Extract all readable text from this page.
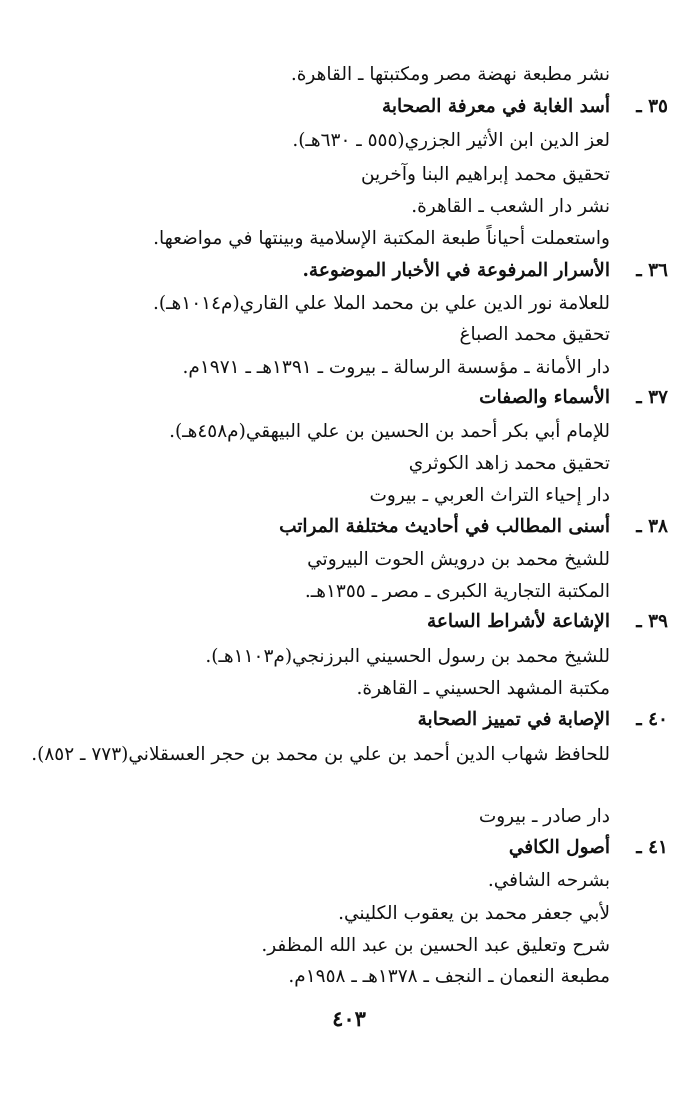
نشر مطبعة نهضة مصر ومكتبتها ـ القاهرة.
٣٥ ـأسد الغابة في معرفة الصحابة
لعز الدين ابن الأثير الجزري(٥٥٥ ـ ٦٣٠هـ).
تحقيق محمد إبراهيم البنا وآخرين
نشر دار الشعب ـ القاهرة.
واستعملت أحياناً طبعة المكتبة الإسلامية وبينتها في مواضعها.
٣٦ ـالأسرار المرفوعة في الأخبار الموضوعة.
للعلامة نور الدين علي بن محمد الملا علي القاري(م١٠١٤هـ).
تحقيق محمد الصباغ
دار الأمانة ـ مؤسسة الرسالة ـ بيروت ـ ١٣٩١هـ ـ ١٩٧١م.
٣٧ ـالأسماء والصفات
للإمام أبي بكر أحمد بن الحسين بن علي البيهقي(م٤٥٨هـ).
تحقيق محمد زاهد الكوثري
دار إحياء التراث العربي ـ بيروت
٣٨ ـأسنى المطالب في أحاديث مختلفة المراتب
للشيخ محمد بن درويش الحوت البيروتي
المكتبة التجارية الكبرى ـ مصر ـ ١٣٥٥هـ.
٣٩ ـالإشاعة لأشراط الساعة
للشيخ محمد بن رسول الحسيني البرزنجي(م١١٠٣هـ).
مكتبة المشهد الحسيني ـ القاهرة.
٤٠ ـالإصابة في تمييز الصحابة
للحافظ شهاب الدين أحمد بن علي بن محمد بن حجر العسقلاني(٧٧٣ ـ ٨٥٢).
دار صادر ـ بيروت
٤١ ـأصول الكافي
بشرحه الشافي.
لأبي جعفر محمد بن يعقوب الكليني.
شرح وتعليق عبد الحسين بن عبد الله المظفر.
مطبعة النعمان ـ النجف ـ ١٣٧٨هـ ـ ١٩٥٨م.
٤٠٣
